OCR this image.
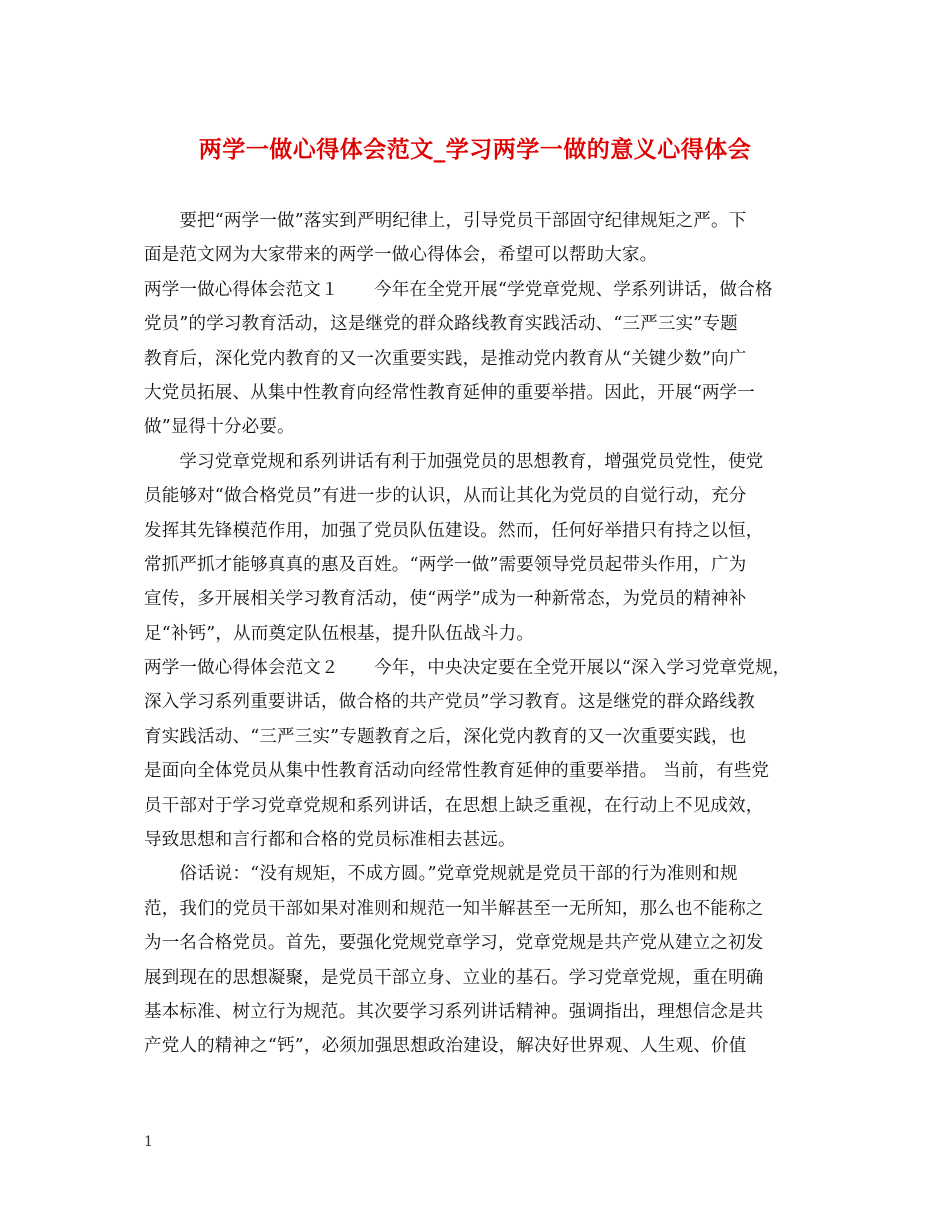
两学一做心得体会范文_学习两学一做的意义心得体会
　　要把“两学一做”落实到严明纪律上，引导党员干部固守纪律规矩之严。下
面是范文网为大家带来的两学一做心得体会，希望可以帮助大家。
两学一做心得体会范文１　　今年在全党开展“学党章党规、学系列讲话，做合格
党员”的学习教育活动，这是继党的群众路线教育实践活动、“三严三实”专题
教育后，深化党内教育的又一次重要实践，是推动党内教育从“关键少数”向广
大党员拓展、从集中性教育向经常性教育延伸的重要举措。因此，开展“两学一
做”显得十分必要。
　　学习党章党规和系列讲话有利于加强党员的思想教育，增强党员党性，使党
员能够对“做合格党员”有进一步的认识，从而让其化为党员的自觉行动，充分
发挥其先锋模范作用，加强了党员队伍建设。然而，任何好举措只有持之以恒，
常抓严抓才能够真真的惠及百姓。“两学一做”需要领导党员起带头作用，广为
宣传，多开展相关学习教育活动，使“两学”成为一种新常态，为党员的精神补
足“补钙”，从而奠定队伍根基，提升队伍战斗力。
两学一做心得体会范文２　　今年，中央决定要在全党开展以“深入学习党章党规，
深入学习系列重要讲话，做合格的共产党员”学习教育。这是继党的群众路线教
育实践活动、“三严三实”专题教育之后，深化党内教育的又一次重要实践，也
是面向全体党员从集中性教育活动向经常性教育延伸的重要举措。 当前，有些党
员干部对于学习党章党规和系列讲话，在思想上缺乏重视，在行动上不见成效，
导致思想和言行都和合格的党员标准相去甚远。
　　俗话说：“没有规矩，不成方圆。”党章党规就是党员干部的行为准则和规
范，我们的党员干部如果对准则和规范一知半解甚至一无所知，那么也不能称之
为一名合格党员。首先，要强化党规党章学习，党章党规是共产党从建立之初发
展到现在的思想凝聚，是党员干部立身、立业的基石。学习党章党规，重在明确
基本标准、树立行为规范。其次要学习系列讲话精神。强调指出，理想信念是共
产党人的精神之“钙”，必须加强思想政治建设，解决好世界观、人生观、价值
1
